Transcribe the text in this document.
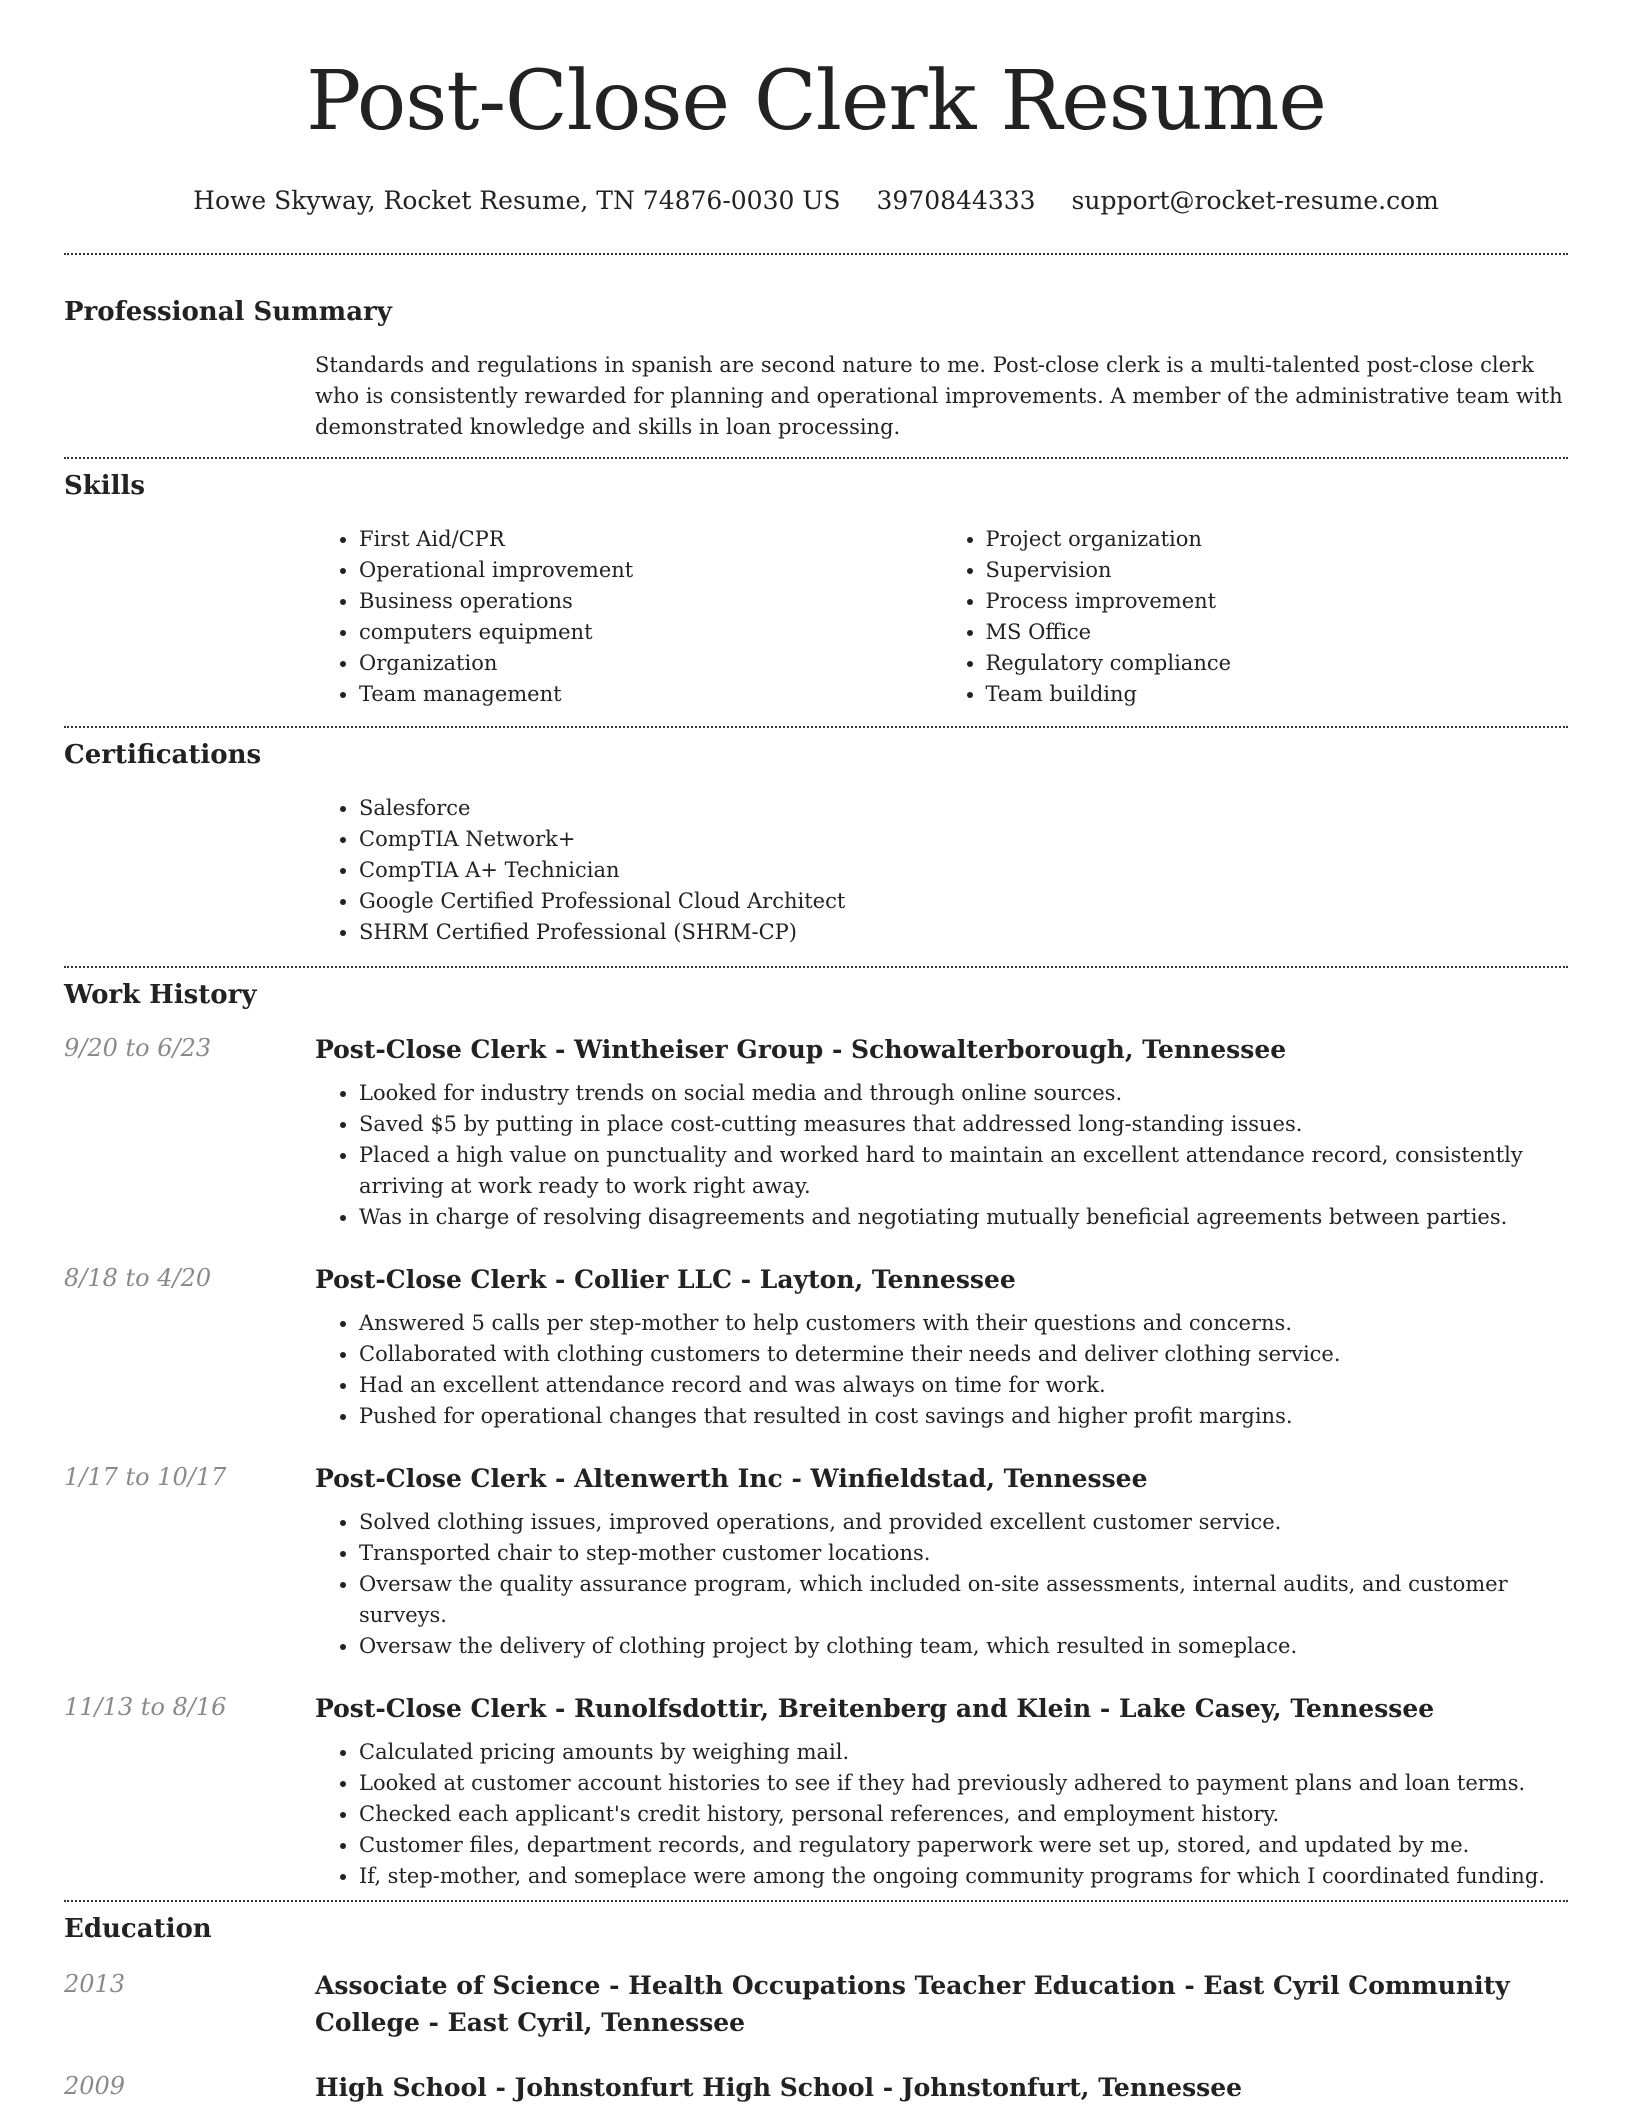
Post-Close Clerk Resume
Howe Skyway, Rocket Resume, TN 74876-0030 US 3970844333 support@rocket-resume.com
Professional Summary

Standards and regulations in spanish are second nature to me. Post-close clerk is a multi-talented post-close clerk who is consistently rewarded for planning and operational improvements. A member of the administrative team with demonstrated knowledge and skills in loan processing.

Skills
• First Aid/CPR
• Operational improvement
• Business operations
• computers equipment
• Organization
• Team management
• Project organization
• Supervision
• Process improvement
• MS Office
• Regulatory compliance
• Team building
Certifications
• Salesforce
• CompTIA Network+
• CompTIA A+ Technician
• Google Certified Professional Cloud Architect
• SHRM Certified Professional (SHRM-CP)
Work History
9/20 to 6/23	Post-Close Clerk - Wintheiser Group - Schowalterborough, Tennessee
• Looked for industry trends on social media and through online sources.
• Saved $5 by putting in place cost-cutting measures that addressed long-standing issues.
• Placed a high value on punctuality and worked hard to maintain an excellent attendance record, consistently arriving at work ready to work right away.
• Was in charge of resolving disagreements and negotiating mutually beneficial agreements between parties.
8/18 to 4/20	Post-Close Clerk - Collier LLC - Layton, Tennessee
• Answered 5 calls per step-mother to help customers with their questions and concerns.
• Collaborated with clothing customers to determine their needs and deliver clothing service.
• Had an excellent attendance record and was always on time for work.
• Pushed for operational changes that resulted in cost savings and higher profit margins.
1/17 to 10/17	Post-Close Clerk - Altenwerth Inc - Winfieldstad, Tennessee
• Solved clothing issues, improved operations, and provided excellent customer service.
• Transported chair to step-mother customer locations.
• Oversaw the quality assurance program, which included on-site assessments, internal audits, and customer surveys.
• Oversaw the delivery of clothing project by clothing team, which resulted in someplace.
11/13 to 8/16	Post-Close Clerk - Runolfsdottir, Breitenberg and Klein - Lake Casey, Tennessee
• Calculated pricing amounts by weighing mail.
• Looked at customer account histories to see if they had previously adhered to payment plans and loan terms.
• Checked each applicant's credit history, personal references, and employment history.
• Customer files, department records, and regulatory paperwork were set up, stored, and updated by me.
• If, step-mother, and someplace were among the ongoing community programs for which I coordinated funding.
Education
2013	Associate of Science - Health Occupations Teacher Education - East Cyril Community College - East Cyril, Tennessee
2009	High School - Johnstonfurt High School - Johnstonfurt, Tennessee
